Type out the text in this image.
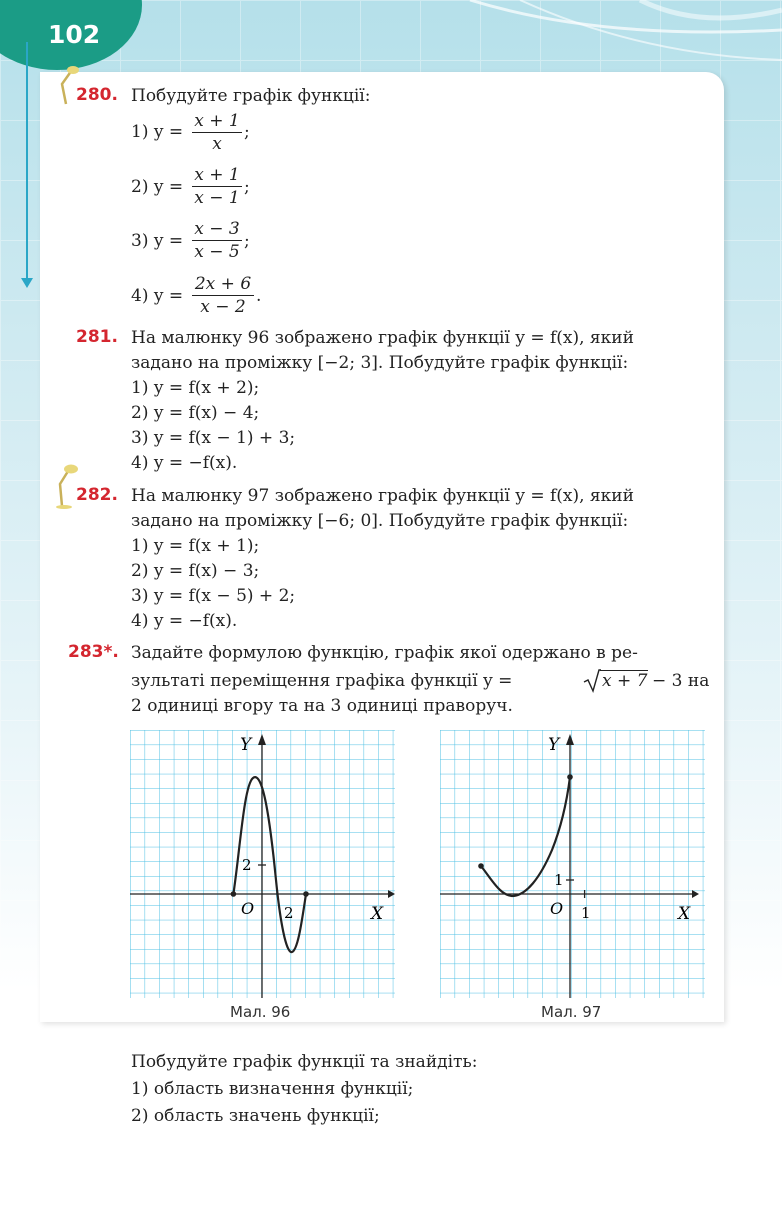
102
280. Побудуйте графік функції:
1) $y = \frac{x + 1}{x}$ ;
2) $y = \frac{x + 1}{x - 1}$ ;
3) $y = \frac{x - 3}{x - 5}$ ;
4) $y = \frac{2x + 6}{x - 2}$ .
281. На малюнку 96 зображено графік функції y = f(x), який
задано на проміжку [−2; 3]. Побудуйте графік функції:
1) y = f(x + 2);
2) y = f(x) − 4;
3) y = f(x − 1) + 3;
4) y = −f(x).
282. На малюнку 97 зображено графік функції y = f(x), який
задано на проміжку [−6; 0]. Побудуйте графік функції:
1) y = f(x + 1);
2) y = f(x) − 3;
3) y = f(x − 5) + 2;
4) y = −f(x).
283*. Задайте формулою функцію, графік якої одержано в ре-
зультаті переміщення графіка функції y =	x + 7 − 3 на
2 одиниці вгору та на 3 одиниці праворуч.
2
2
O	X
Y
Мал. 96
1
1
O	X
Y
Мал. 97
Побудуйте графік функції та знайдіть:
1) область визначення функції;
2) область значень функції;
